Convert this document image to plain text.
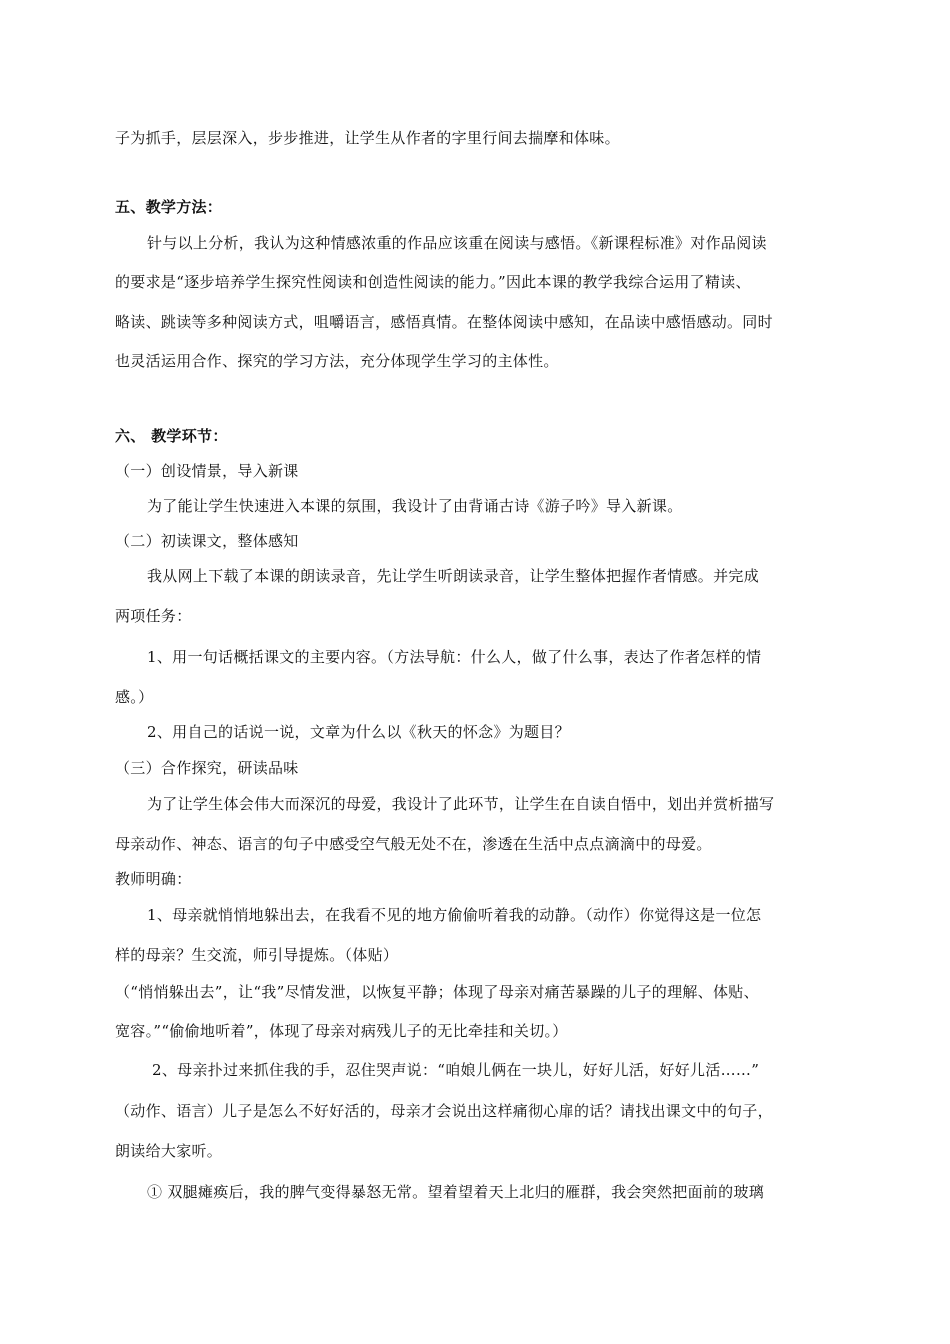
子为抓手，层层深入，步步推进，让学生从作者的字里行间去揣摩和体味。
五、教学方法：
针与以上分析，我认为这种情感浓重的作品应该重在阅读与感悟。《新课程标准》对作品阅读
的要求是“逐步培养学生探究性阅读和创造性阅读的能力。”因此本课的教学我综合运用了精读、
略读、跳读等多种阅读方式，咀嚼语言，感悟真情。在整体阅读中感知，在品读中感悟感动。同时
也灵活运用合作、探究的学习方法，充分体现学生学习的主体性。
六、 教学环节：
（一）创设情景，导入新课
为了能让学生快速进入本课的氛围，我设计了由背诵古诗《游子吟》导入新课。
（二）初读课文，整体感知
我从网上下载了本课的朗读录音，先让学生听朗读录音，让学生整体把握作者情感。并完成
两项任务：
1、用一句话概括课文的主要内容。（方法导航：什么人，做了什么事，表达了作者怎样的情
感。）
2、用自己的话说一说，文章为什么以《秋天的怀念》为题目？
（三）合作探究，研读品味
为了让学生体会伟大而深沉的母爱，我设计了此环节，让学生在自读自悟中，划出并赏析描写
母亲动作、神态、语言的句子中感受空气般无处不在，渗透在生活中点点滴滴中的母爱。
教师明确：
1、母亲就悄悄地躲出去，在我看不见的地方偷偷听着我的动静。（动作）你觉得这是一位怎
样的母亲？生交流，师引导提炼。（体贴）
（“悄悄躲出去”，让“我”尽情发泄，以恢复平静；体现了母亲对痛苦暴躁的儿子的理解、体贴、
宽容。”“偷偷地听着”，体现了母亲对病残儿子的无比牵挂和关切。）
2、母亲扑过来抓住我的手，忍住哭声说：“咱娘儿俩在一块儿，好好儿活，好好儿活……”
（动作、语言）儿子是怎么不好好活的，母亲才会说出这样痛彻心扉的话？请找出课文中的句子，
朗读给大家听。
① 双腿瘫痪后，我的脾气变得暴怒无常。望着望着天上北归的雁群，我会突然把面前的玻璃
